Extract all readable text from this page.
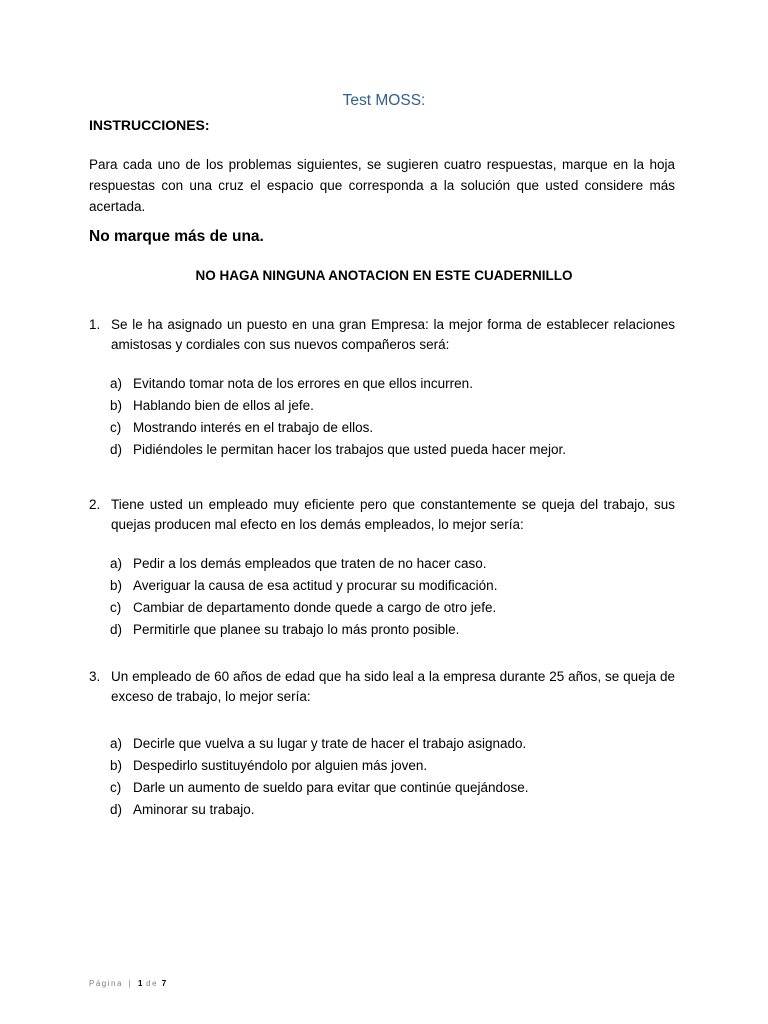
Test MOSS:
INSTRUCCIONES:
Para cada uno de los problemas siguientes, se sugieren cuatro respuestas, marque en la hoja respuestas con una cruz el espacio que corresponda a la solución que usted considere más acertada.
No marque más de una.
NO HAGA NINGUNA ANOTACION EN ESTE CUADERNILLO
1. Se le ha asignado un puesto en una gran Empresa: la mejor forma de establecer relaciones amistosas y cordiales con sus nuevos compañeros será:
a) Evitando tomar nota de los errores en que ellos incurren.
b) Hablando bien de ellos al jefe.
c) Mostrando interés en el trabajo de ellos.
d) Pidiéndoles le permitan hacer los trabajos que usted pueda hacer mejor.
2. Tiene usted un empleado muy eficiente pero que constantemente se queja del trabajo, sus quejas producen mal efecto en los demás empleados, lo mejor sería:
a) Pedir a los demás empleados que traten de no hacer caso.
b) Averiguar la causa de esa actitud y procurar su modificación.
c) Cambiar de departamento donde quede a cargo de otro jefe.
d) Permitirle que planee su trabajo lo más pronto posible.
3. Un empleado de 60 años de edad que ha sido leal a la empresa durante 25 años, se queja de exceso de trabajo, lo mejor sería:
a) Decirle que vuelva a su lugar y trate de hacer el trabajo asignado.
b) Despedirlo sustituyéndolo por alguien más joven.
c) Darle un aumento de sueldo para evitar que continúe quejándose.
d) Aminorar su trabajo.
Página | 1 de 7
